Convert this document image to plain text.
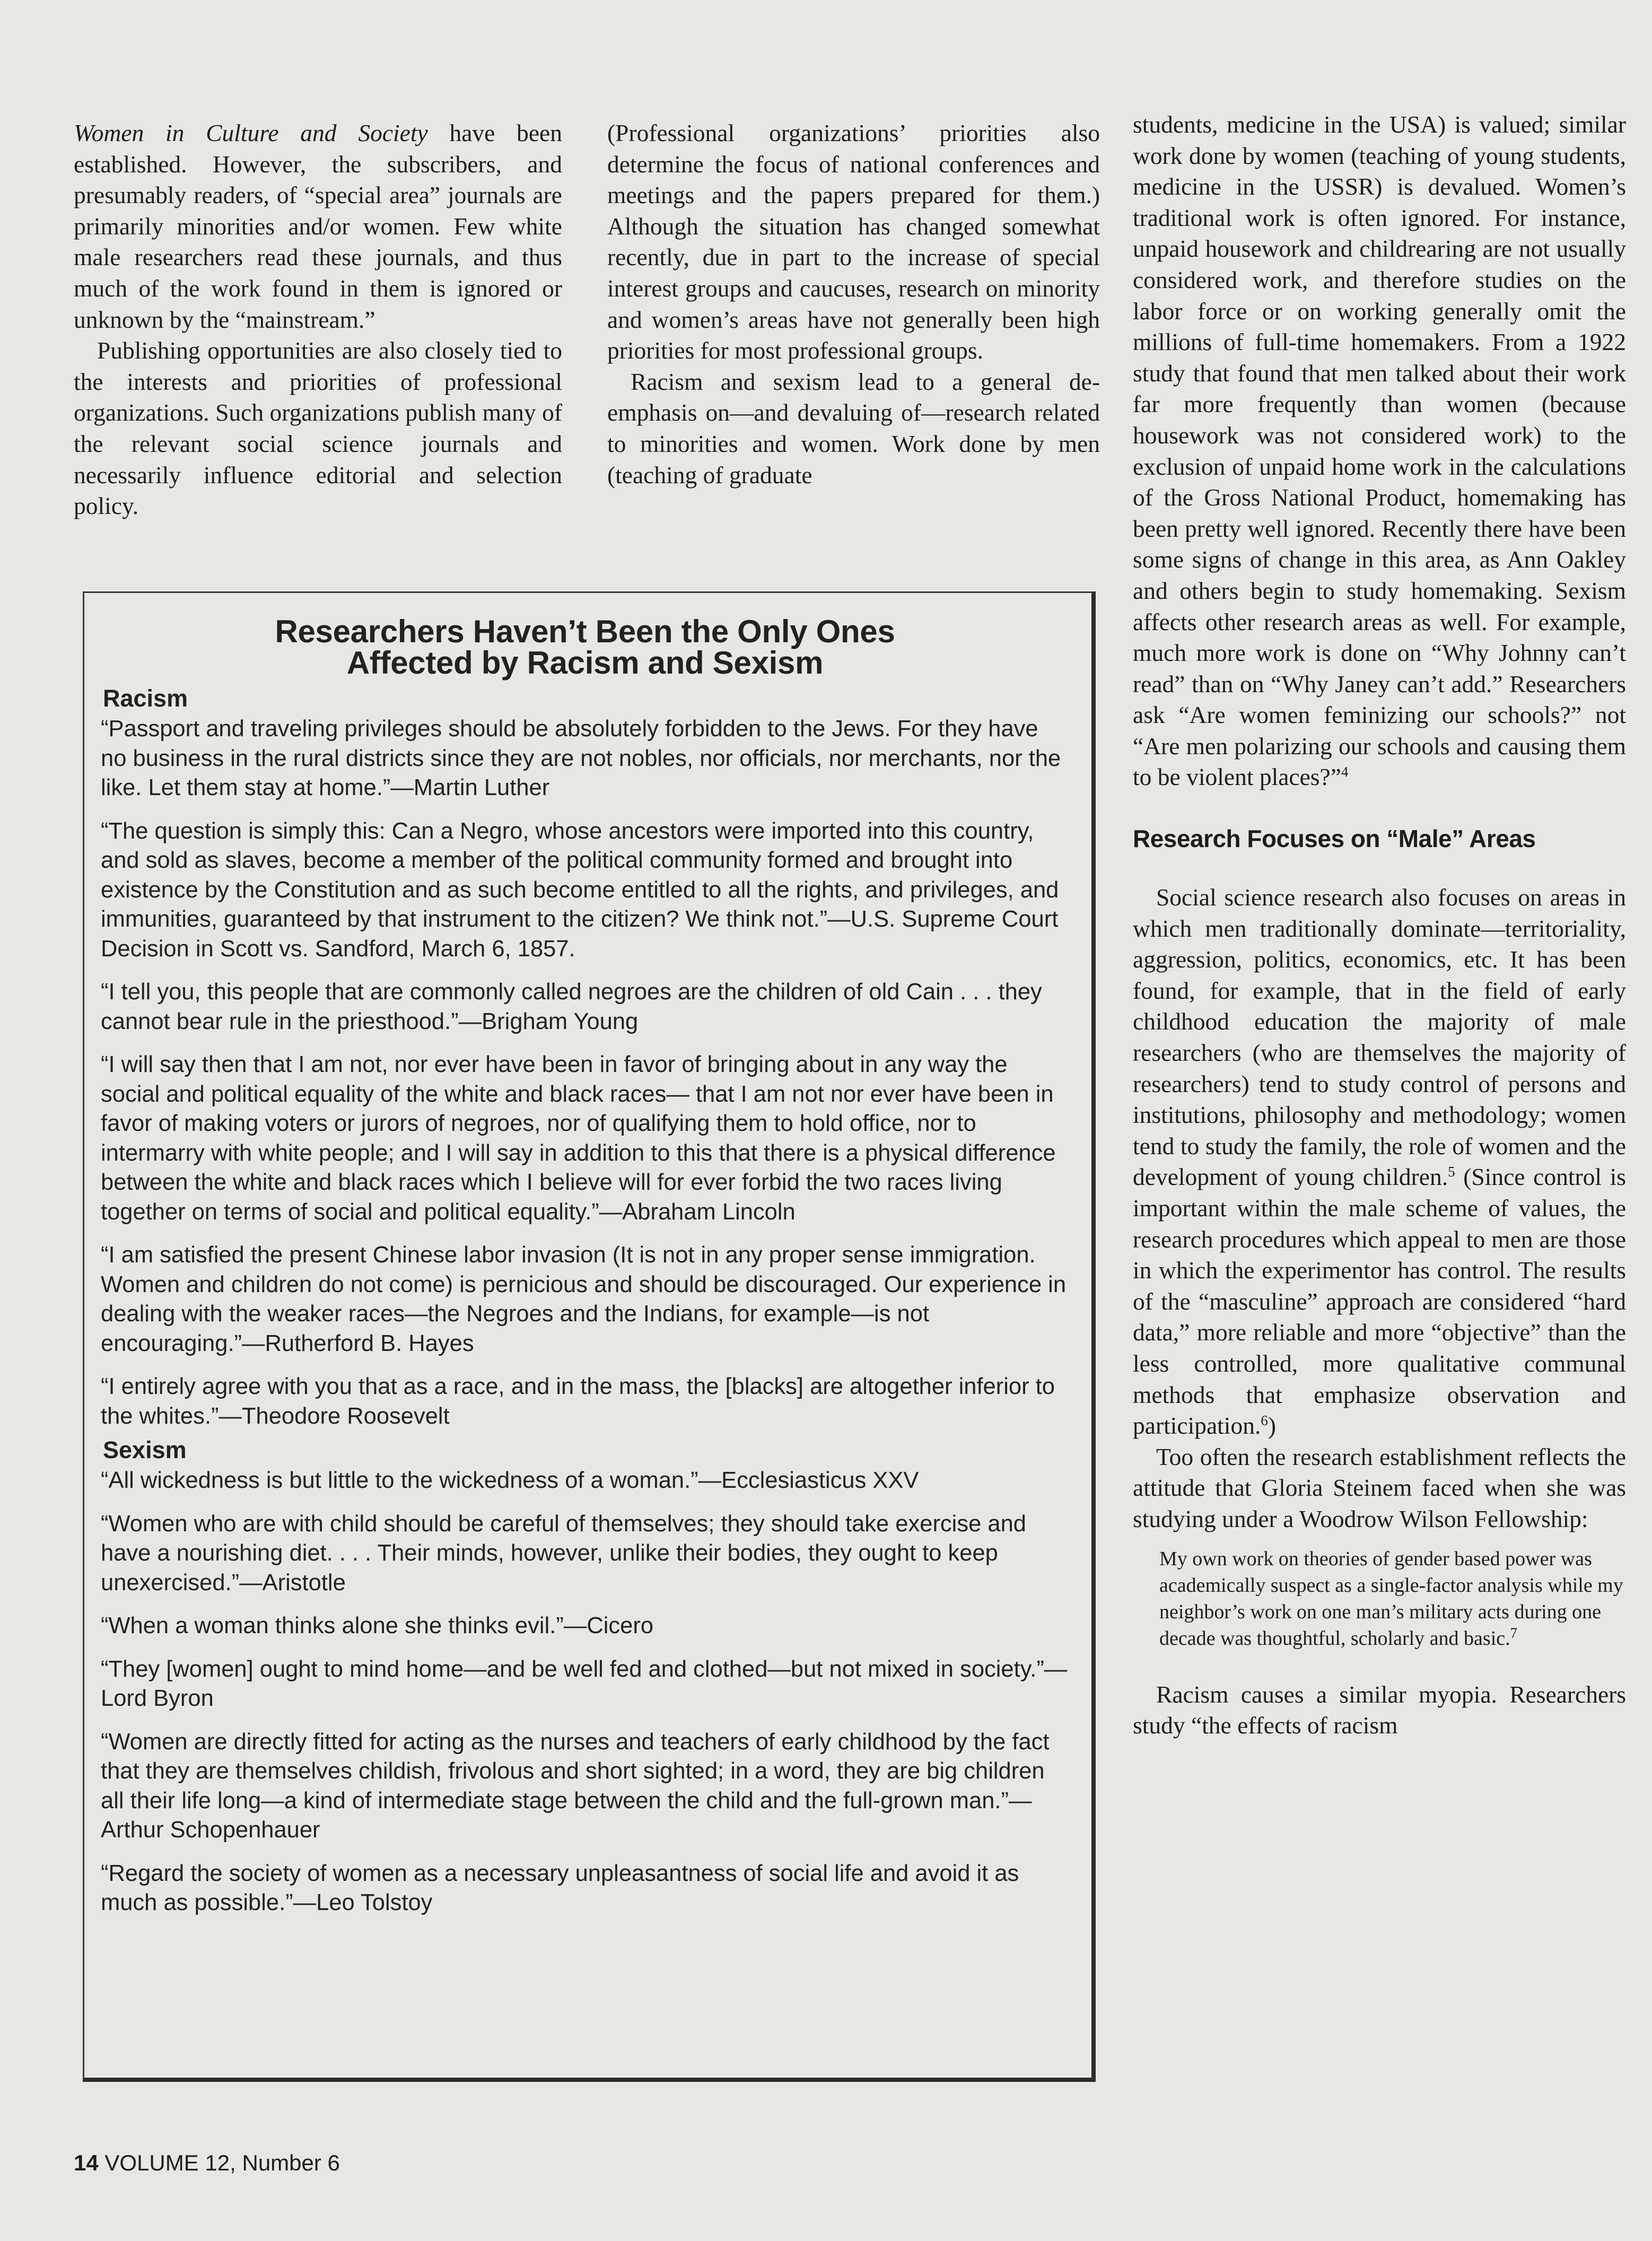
Women in Culture and Society have been established. However, the subscribers, and presumably readers, of “special area” journals are primarily minorities and/or women. Few white male researchers read these journals, and thus much of the work found in them is ignored or unknown by the “mainstream.”

Publishing opportunities are also closely tied to the interests and priorities of professional organizations. Such organizations publish many of the relevant social science journals and necessarily influence editorial and selection policy.

(Professional organizations’ priorities also determine the focus of national conferences and meetings and the papers prepared for them.) Although the situation has changed somewhat recently, due in part to the increase of special interest groups and caucuses, research on minority and women’s areas have not generally been high priorities for most professional groups.

Racism and sexism lead to a general de-emphasis on—and devaluing of—research related to minorities and women. Work done by men (teaching of graduate

students, medicine in the USA) is valued; similar work done by women (teaching of young students, medicine in the USSR) is devalued. Women’s traditional work is often ignored. For instance, unpaid housework and childrearing are not usually considered work, and therefore studies on the labor force or on working generally omit the millions of full-time homemakers. From a 1922 study that found that men talked about their work far more frequently than women (because housework was not considered work) to the exclusion of unpaid home work in the calculations of the Gross National Product, homemaking has been pretty well ignored. Recently there have been some signs of change in this area, as Ann Oakley and others begin to study homemaking. Sexism affects other research areas as well. For example, much more work is done on “Why Johnny can’t read” than on “Why Janey can’t add.” Researchers ask “Are women feminizing our schools?” not “Are men polarizing our schools and causing them to be violent places?”$^4$

Research Focuses on “Male” Areas

Social science research also focuses on areas in which men traditionally dominate—territoriality, aggression, politics, economics, etc. It has been found, for example, that in the field of early childhood education the majority of male researchers (who are themselves the majority of researchers) tend to study control of persons and institutions, philosophy and methodology; women tend to study the family, the role of women and the development of young children.$^5$ (Since control is important within the male scheme of values, the research procedures which appeal to men are those in which the experimentor has control. The results of the “masculine” approach are considered “hard data,” more reliable and more “objective” than the less controlled, more qualitative communal methods that emphasize observation and participation.$^6$)

Too often the research establishment reflects the attitude that Gloria Steinem faced when she was studying under a Woodrow Wilson Fellowship:

My own work on theories of gender based power was academically suspect as a single-factor analysis while my neighbor’s work on one man’s military acts during one decade was thoughtful, scholarly and basic.$^7$

Racism causes a similar myopia. Researchers study “the effects of racism

Researchers Haven’t Been the Only Ones
Affected by Racism and Sexism
Racism
“Passport and traveling privileges should be absolutely forbidden to the Jews. For they have no business in the rural districts since they are not nobles, nor officials, nor merchants, nor the like. Let them stay at home.”—Martin Luther
“The question is simply this: Can a Negro, whose ancestors were imported into this country, and sold as slaves, become a member of the political community formed and brought into existence by the Constitution and as such become entitled to all the rights, and privileges, and immunities, guaranteed by that instrument to the citizen? We think not.”—U.S. Supreme Court Decision in Scott vs. Sandford, March 6, 1857.
“I tell you, this people that are commonly called negroes are the children of old Cain . . . they cannot bear rule in the priesthood.”—Brigham Young
“I will say then that I am not, nor ever have been in favor of bringing about in any way the social and political equality of the white and black races— that I am not nor ever have been in favor of making voters or jurors of negroes, nor of qualifying them to hold office, nor to intermarry with white people; and I will say in addition to this that there is a physical difference between the white and black races which I believe will for ever forbid the two races living together on terms of social and political equality.”—Abraham Lincoln
“I am satisfied the present Chinese labor invasion (It is not in any proper sense immigration. Women and children do not come) is pernicious and should be discouraged. Our experience in dealing with the weaker races—the Negroes and the Indians, for example—is not encouraging.”—Rutherford B. Hayes
“I entirely agree with you that as a race, and in the mass, the [blacks] are altogether inferior to the whites.”—Theodore Roosevelt
Sexism
“All wickedness is but little to the wickedness of a woman.”—Ecclesiasticus XXV
“Women who are with child should be careful of themselves; they should take exercise and have a nourishing diet. . . . Their minds, however, unlike their bodies, they ought to keep unexercised.”—Aristotle
“When a woman thinks alone she thinks evil.”—Cicero
“They [women] ought to mind home—and be well fed and clothed—but not mixed in society.”—Lord Byron
“Women are directly fitted for acting as the nurses and teachers of early childhood by the fact that they are themselves childish, frivolous and short sighted; in a word, they are big children all their life long—a kind of intermediate stage between the child and the full-grown man.”—Arthur Schopenhauer
“Regard the society of women as a necessary unpleasantness of social life and avoid it as much as possible.”—Leo Tolstoy
14 VOLUME 12, Number 6
